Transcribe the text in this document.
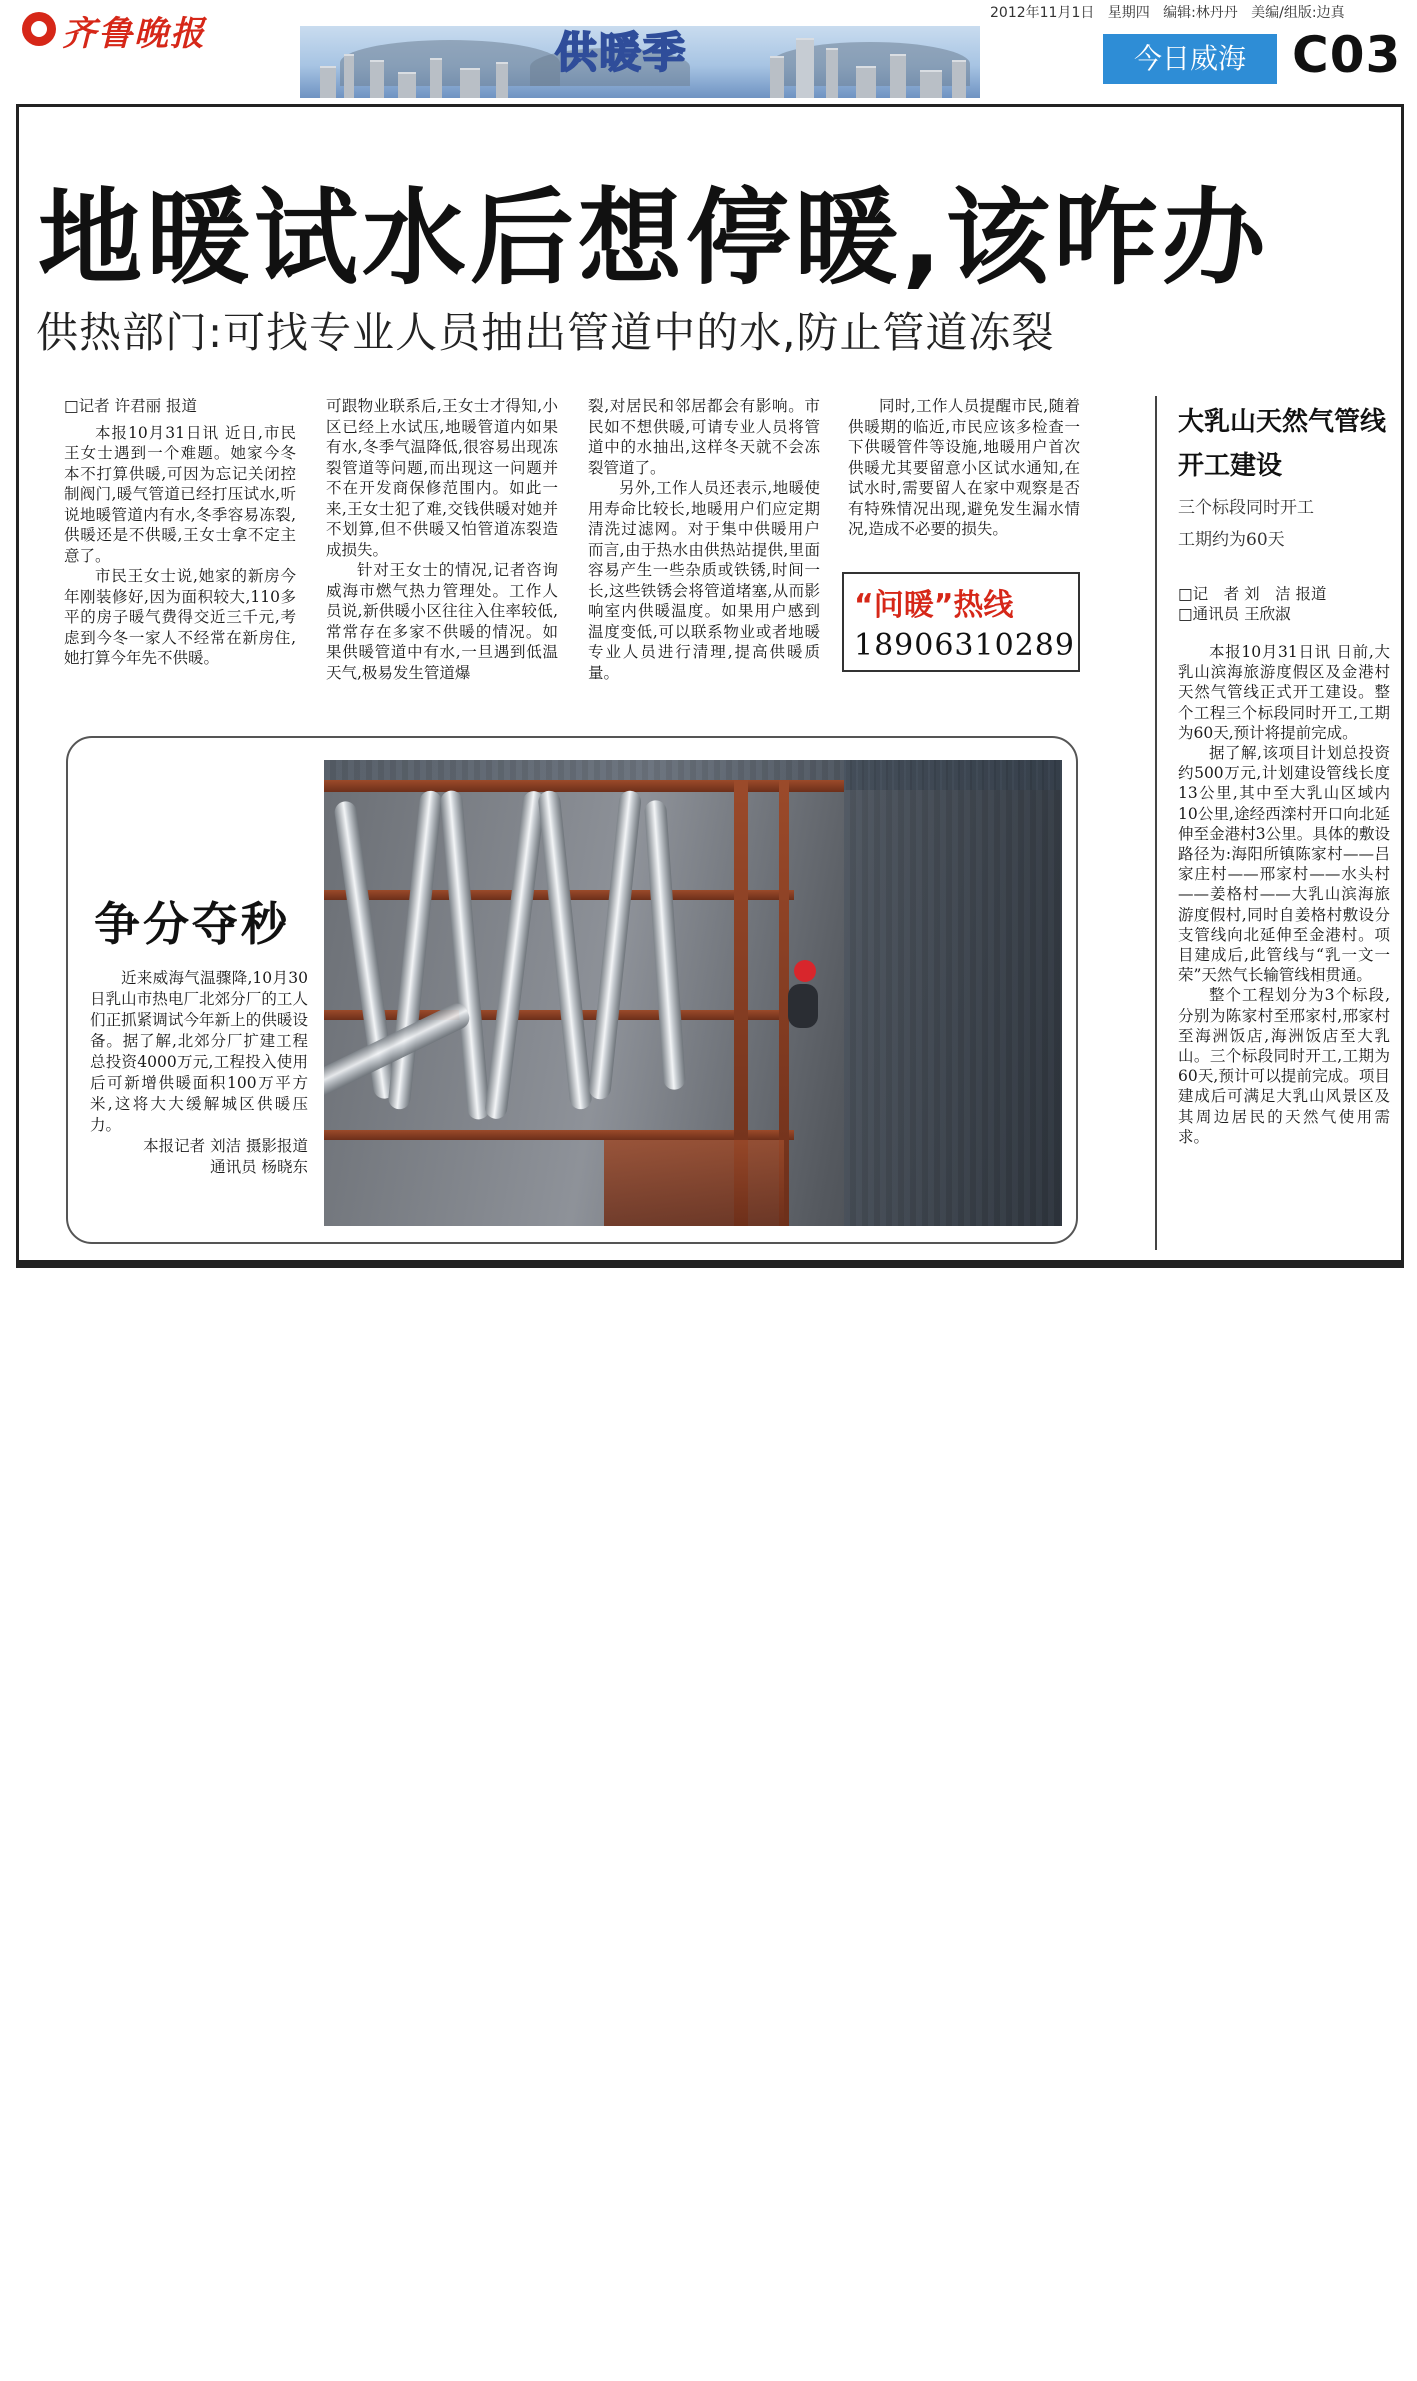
齐鲁晚报	供暖季
2012年11月1日 星期四 编辑:林丹丹 美编/组版:边真
今日威海 C03
地暖试水后想停暖,该咋办
供热部门:可找专业人员抽出管道中的水,防止管道冻裂

□记者 许君丽 报道

本报10月31日讯 近日,市民王女士遇到一个难题。她家今冬本不打算供暖,可因为忘记关闭控制阀门,暖气管道已经打压试水,听说地暖管道内有水,冬季容易冻裂,供暖还是不供暖,王女士拿不定主意了。

市民王女士说,她家的新房今年刚装修好,因为面积较大,110多平的房子暖气费得交近三千元,考虑到今冬一家人不经常在新房住,她打算今年先不供暖。

可跟物业联系后,王女士才得知,小区已经上水试压,地暖管道内如果有水,冬季气温降低,很容易出现冻裂管道等问题,而出现这一问题并不在开发商保修范围内。如此一来,王女士犯了难,交钱供暖对她并不划算,但不供暖又怕管道冻裂造成损失。

针对王女士的情况,记者咨询威海市燃气热力管理处。工作人员说,新供暖小区往往入住率较低,常常存在多家不供暖的情况。如果供暖管道中有水,一旦遇到低温天气,极易发生管道爆

裂,对居民和邻居都会有影响。市民如不想供暖,可请专业人员将管道中的水抽出,这样冬天就不会冻裂管道了。

另外,工作人员还表示,地暖使用寿命比较长,地暖用户们应定期清洗过滤网。对于集中供暖用户而言,由于热水由供热站提供,里面容易产生一些杂质或铁锈,时间一长,这些铁锈会将管道堵塞,从而影响室内供暖温度。如果用户感到温度变低,可以联系物业或者地暖专业人员进行清理,提高供暖质量。

同时,工作人员提醒市民,随着供暖期的临近,市民应该多检查一下供暖管件等设施,地暖用户首次供暖尤其要留意小区试水通知,在试水时,需要留人在家中观察是否有特殊情况出现,避免发生漏水情况,造成不必要的损失。

“问暖”热线
18906310289
大乳山天然气管线
开工建设
三个标段同时开工
工期约为60天
□记　者 刘　洁 报道
□通讯员 王欣淑

本报10月31日讯 日前,大乳山滨海旅游度假区及金港村天然气管线正式开工建设。整个工程三个标段同时开工,工期为60天,预计将提前完成。

据了解,该项目计划总投资约500万元,计划建设管线长度13公里,其中至大乳山区域内10公里,途经西滦村开口向北延伸至金港村3公里。具体的敷设路径为:海阳所镇陈家村——吕家庄村——邢家村——水头村——姜格村——大乳山滨海旅游度假村,同时自姜格村敷设分支管线向北延伸至金港村。项目建成后,此管线与“乳一文一荣”天然气长输管线相贯通。

整个工程划分为3个标段,分别为陈家村至邢家村,邢家村至海洲饭店,海洲饭店至大乳山。三个标段同时开工,工期为60天,预计可以提前完成。项目建成后可满足大乳山风景区及其周边居民的天然气使用需求。

争分夺秒

近来威海气温骤降,10月30日乳山市热电厂北郊分厂的工人们正抓紧调试今年新上的供暖设备。据了解,北郊分厂扩建工程总投资4000万元,工程投入使用后可新增供暖面积100万平方米,这将大大缓解城区供暖压力。

本报记者 刘洁 摄影报道

通讯员 杨晓东
